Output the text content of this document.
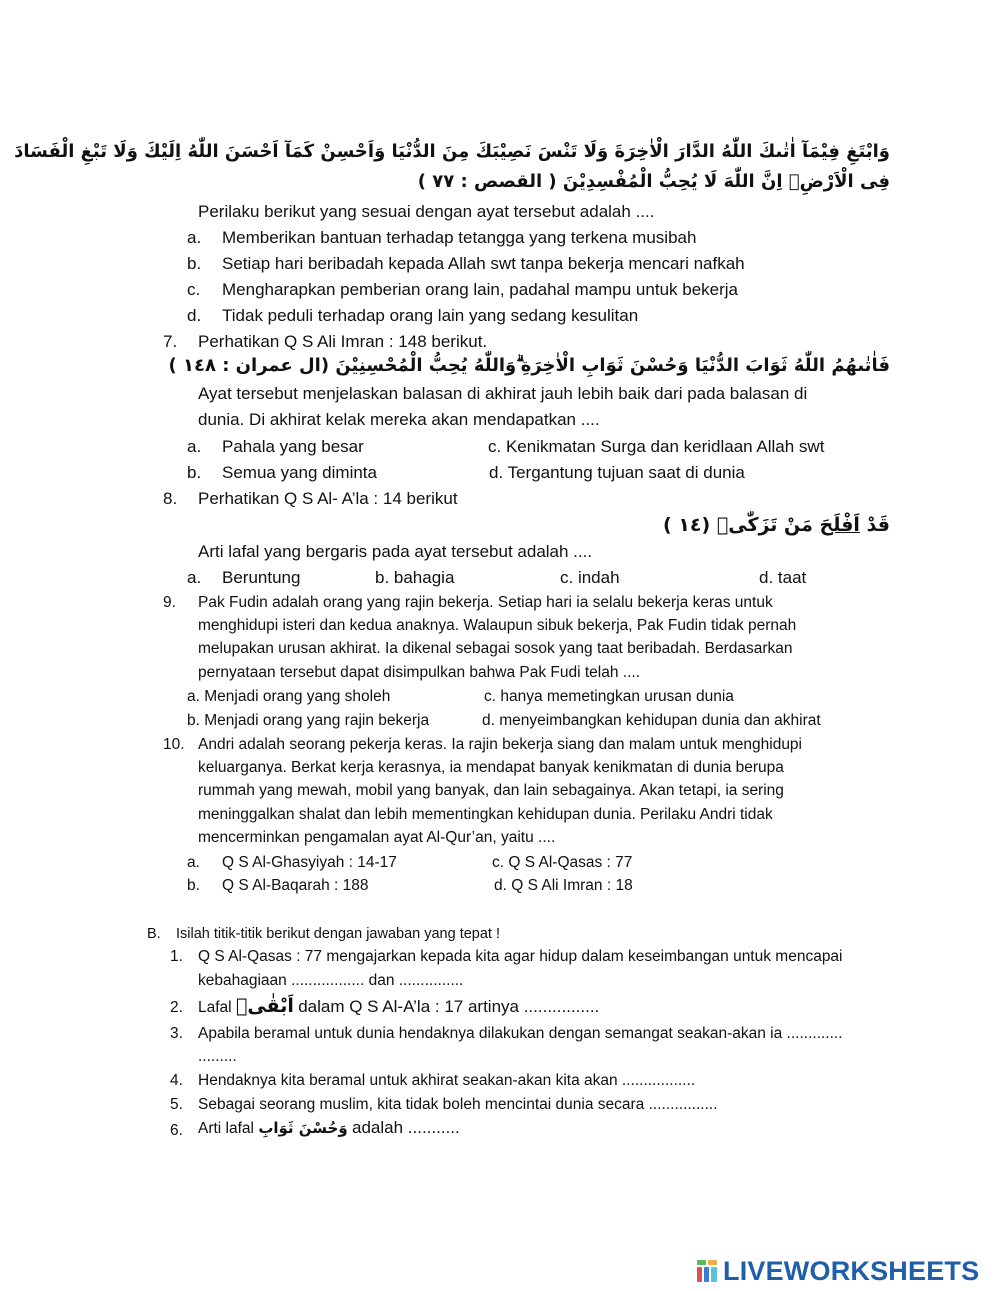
وَابْتَغِ فِيْمَآ اٰتٰىكَ اللّٰهُ الدَّارَ الْاٰخِرَةَ وَلَا تَنْسَ نَصِيْبَكَ مِنَ الدُّنْيَا وَاَحْسِنْ كَمَآ اَحْسَنَ اللّٰهُ اِلَيْكَ وَلَا تَبْغِ الْفَسَادَ
فِى الْاَرْضِۗ اِنَّ اللّٰهَ لَا يُحِبُّ الْمُفْسِدِيْنَ ( القصص : ٧٧ )
Perilaku berikut yang sesuai dengan ayat tersebut adalah ....
a. Memberikan bantuan terhadap tetangga yang terkena musibah
b. Setiap hari beribadah kepada Allah swt tanpa bekerja mencari nafkah
c. Mengharapkan pemberian orang lain, padahal mampu untuk bekerja
d. Tidak peduli terhadap orang lain yang sedang kesulitan
7. Perhatikan Q S Ali Imran : 148 berikut.
فَاٰتٰىهُمُ اللّٰهُ ثَوَابَ الدُّنْيَا وَحُسْنَ ثَوَابِ الْاٰخِرَةِ ۗوَاللّٰهُ يُحِبُّ الْمُحْسِنِيْنَ (ال عمران : ١٤٨ )
Ayat tersebut menjelaskan balasan di akhirat jauh lebih baik dari pada balasan di
dunia. Di akhirat kelak mereka akan mendapatkan ....
a. Pahala yang besar	c. Kenikmatan Surga dan keridlaan Allah swt
b. Semua yang diminta	d. Tergantung tujuan saat di dunia
8. Perhatikan Q S Al- A’la : 14 berikut
قَدْ اَفْلَحَ مَنْ تَزَكّٰىۙ (١٤ )
Arti lafal yang bergaris pada ayat tersebut adalah ....
a. Beruntung	b. bahagia	c. indah	d. taat
9. Pak Fudin adalah orang yang rajin bekerja. Setiap hari ia selalu bekerja keras untuk
menghidupi isteri dan kedua anaknya. Walaupun sibuk bekerja, Pak Fudin tidak pernah
melupakan urusan akhirat. Ia dikenal sebagai sosok yang taat beribadah. Berdasarkan
pernyataan tersebut dapat disimpulkan bahwa Pak Fudi telah ....
a. Menjadi orang yang sholeh	c. hanya memetingkan urusan dunia
b. Menjadi orang yang rajin bekerja	d. menyeimbangkan kehidupan dunia dan akhirat
10. Andri adalah seorang pekerja keras. Ia rajin bekerja siang dan malam untuk menghidupi
keluarganya. Berkat kerja kerasnya, ia mendapat banyak kenikmatan di dunia berupa
rummah yang mewah, mobil yang banyak, dan lain sebagainya. Akan tetapi, ia sering
meninggalkan shalat dan lebih mementingkan kehidupan dunia. Perilaku Andri tidak
mencerminkan pengamalan ayat Al-Qur’an, yaitu ....
a. Q S Al-Ghasyiyah : 14-17	c. Q S Al-Qasas : 77
b. Q S Al-Baqarah : 188	d. Q S Ali Imran : 18
B. Isilah titik-titik berikut dengan jawaban yang tepat !
1. Q S Al-Qasas : 77 mengajarkan kepada kita agar hidup dalam keseimbangan untuk mencapai
kebahagiaan ................. dan ...............
2. Lafal اَبْقٰىۗ dalam Q S Al-A’la : 17 artinya ................
3. Apabila beramal untuk dunia hendaknya dilakukan dengan semangat seakan-akan ia .............
.........
4. Hendaknya kita beramal untuk akhirat seakan-akan kita akan .................
5. Sebagai seorang muslim, kita tidak boleh mencintai dunia secara ................
6. Arti lafal وَحُسْنَ ثَوَابِ adalah ...........
LIVEWORKSHEETS
